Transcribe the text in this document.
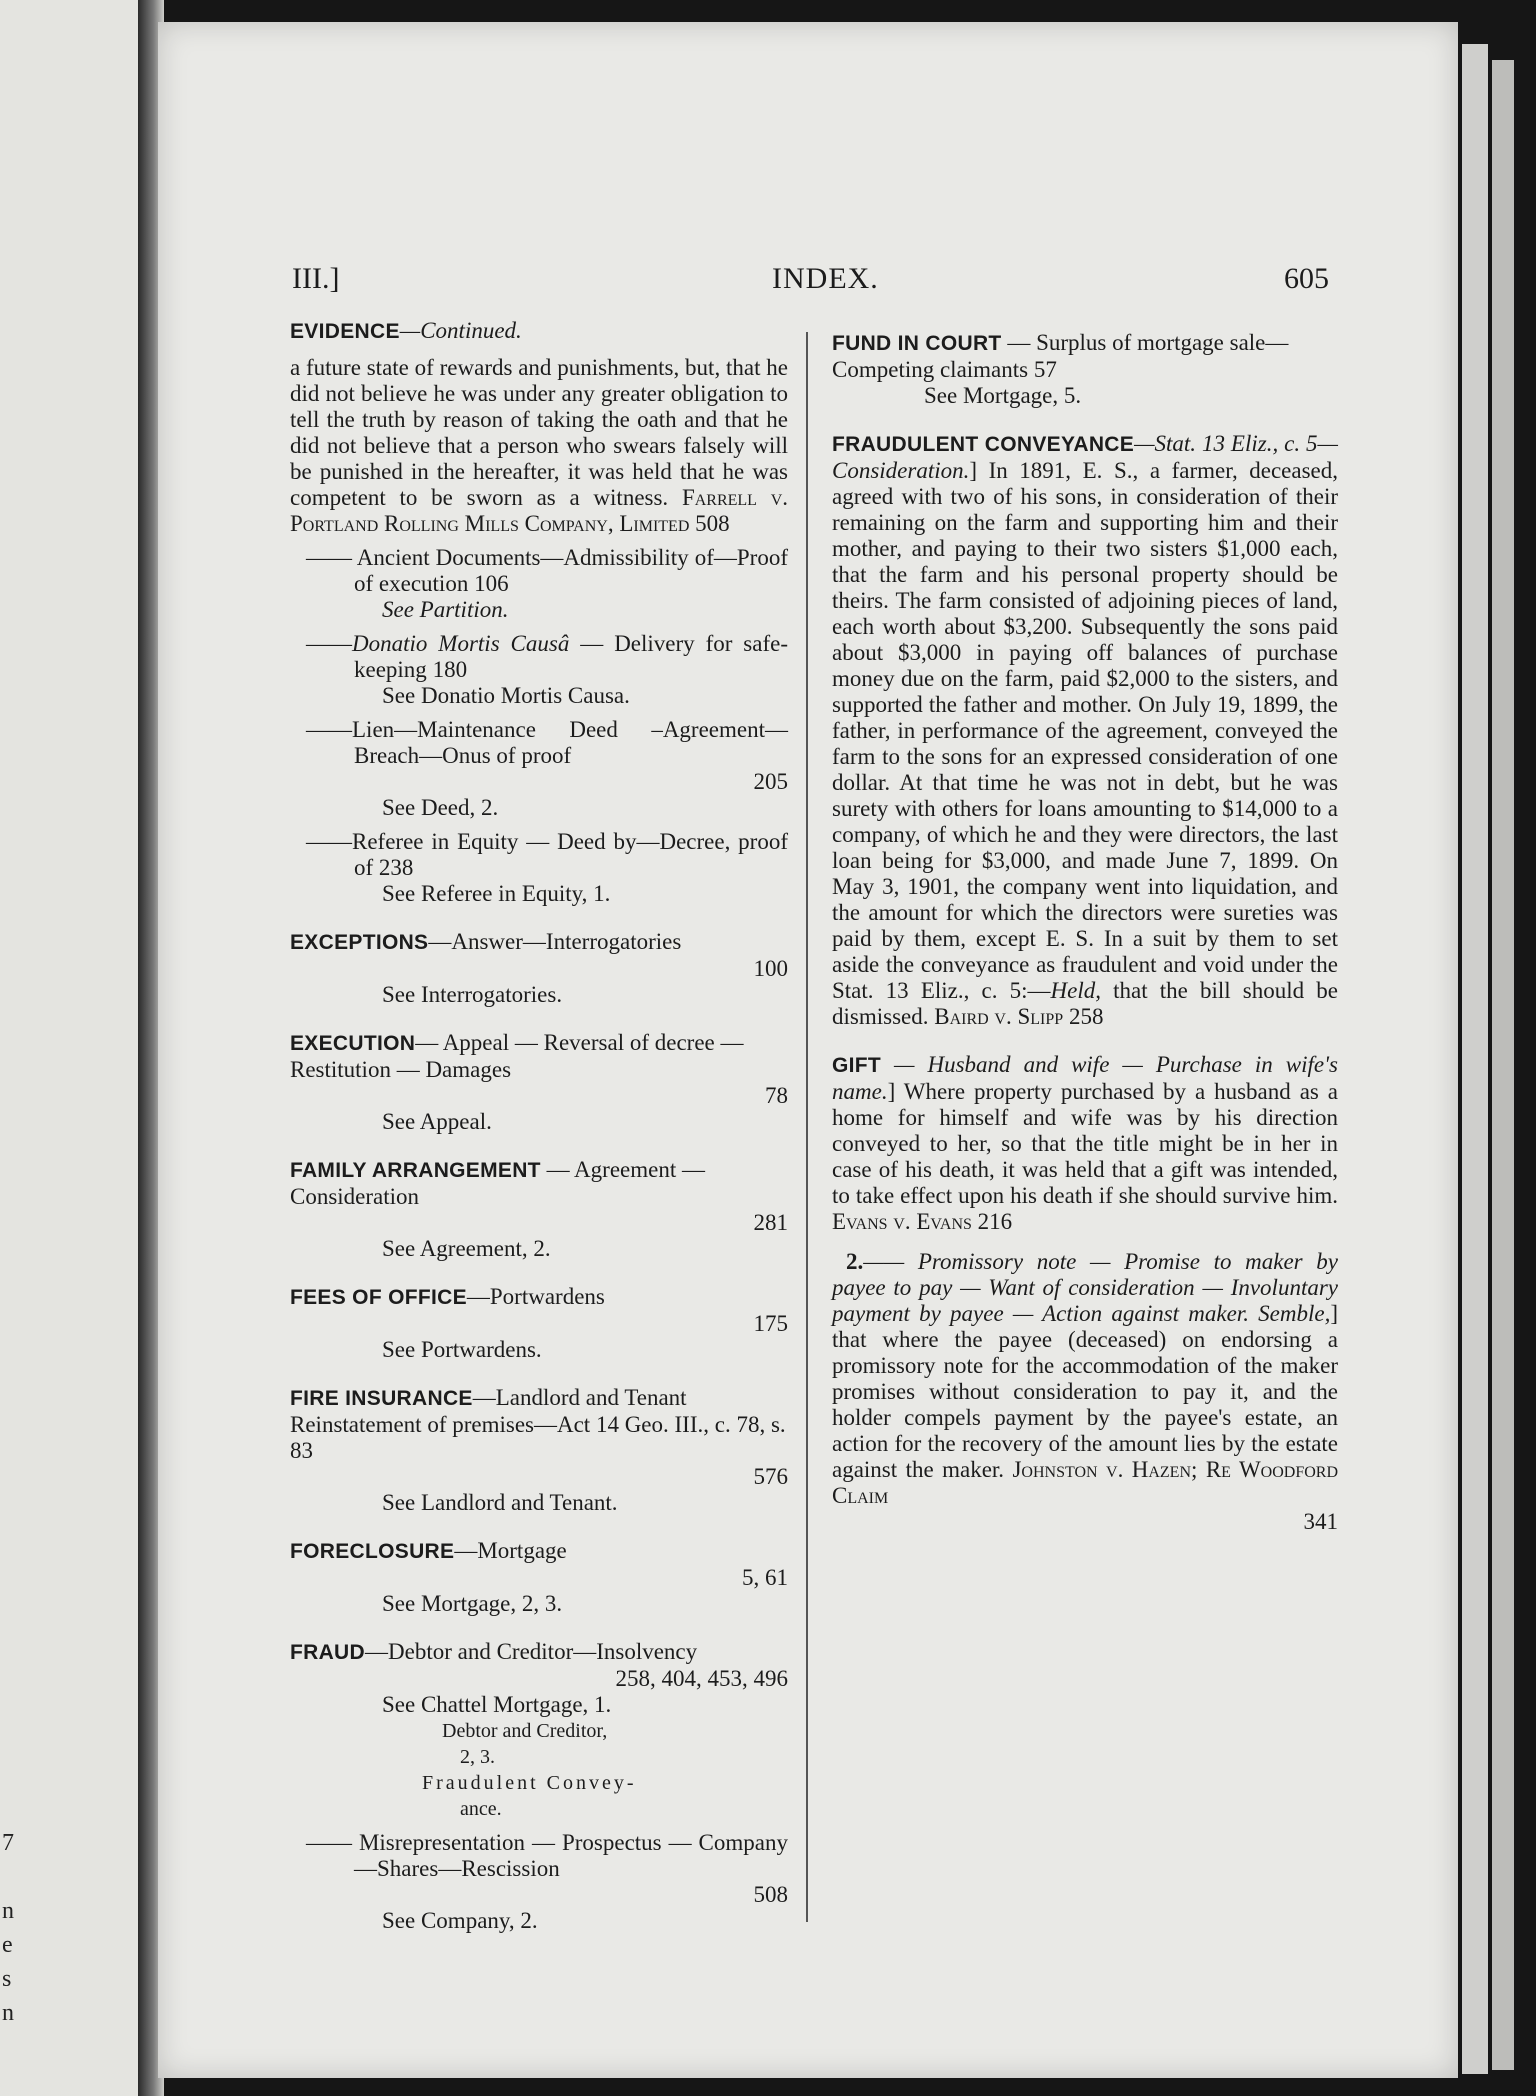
7

n
e
s
n
III.]	INDEX.	605
EVIDENCE—Continued.
a future state of rewards and punishments, but, that he did not believe he was under any greater obligation to tell the truth by reason of taking the oath and that he did not believe that a person who swears falsely will be punished in the hereafter, it was held that he was competent to be sworn as a witness. Farrell v. Portland Rolling Mills Company, Limited 508
—— Ancient Documents—Admissibility of—Proof of execution 106
See Partition.
——Donatio Mortis Causâ — Delivery for safe-keeping 180
See Donatio Mortis Causa.
——Lien—Maintenance Deed –Agreement—Breach—Onus of proof
205
See Deed, 2.
——Referee in Equity — Deed by—Decree, proof of 238
See Referee in Equity, 1.
EXCEPTIONS—Answer—Interrogatories
100
See Interrogatories.
EXECUTION— Appeal — Reversal of decree — Restitution — Damages
78
See Appeal.
FAMILY ARRANGEMENT — Agreement — Consideration
281
See Agreement, 2.
FEES OF OFFICE—Portwardens
175
See Portwardens.
FIRE INSURANCE—Landlord and Tenant Reinstatement of premises—Act 14 Geo. III., c. 78, s. 83
576
See Landlord and Tenant.
FORECLOSURE—Mortgage
5, 61
See Mortgage, 2, 3.
FRAUD—Debtor and Creditor—Insolvency
258, 404, 453, 496
See Chattel Mortgage, 1.
Debtor and Creditor,
2, 3.
Fraudulent Convey-
ance.
—— Misrepresentation — Prospectus — Company—Shares—Rescission
508
See Company, 2.
FUND IN COURT — Surplus of mortgage sale—Competing claimants 57
See Mortgage, 5.
FRAUDULENT CONVEYANCE—Stat. 13 Eliz., c. 5—Consideration.] In 1891, E. S., a farmer, deceased, agreed with two of his sons, in consideration of their remaining on the farm and supporting him and their mother, and paying to their two sisters $1,000 each, that the farm and his personal property should be theirs. The farm consisted of adjoining pieces of land, each worth about $3,200. Subsequently the sons paid about $3,000 in paying off balances of purchase money due on the farm, paid $2,000 to the sisters, and supported the father and mother. On July 19, 1899, the father, in performance of the agreement, conveyed the farm to the sons for an expressed consideration of one dollar. At that time he was not in debt, but he was surety with others for loans amounting to $14,000 to a company, of which he and they were directors, the last loan being for $3,000, and made June 7, 1899. On May 3, 1901, the company went into liquidation, and the amount for which the directors were sureties was paid by them, except E. S. In a suit by them to set aside the conveyance as fraudulent and void under the Stat. 13 Eliz., c. 5:—Held, that the bill should be dismissed. Baird v. Slipp 258
GIFT — Husband and wife — Purchase in wife's name.] Where property purchased by a husband as a home for himself and wife was by his direction conveyed to her, so that the title might be in her in case of his death, it was held that a gift was intended, to take effect upon his death if she should survive him. Evans v. Evans 216
2.—— Promissory note — Promise to maker by payee to pay — Want of consideration — Involuntary payment by payee — Action against maker. Semble,] that where the payee (deceased) on endorsing a promissory note for the accommodation of the maker promises without consideration to pay it, and the holder compels payment by the payee's estate, an action for the recovery of the amount lies by the estate against the maker. Johnston v. Hazen; Re Woodford Claim
341
